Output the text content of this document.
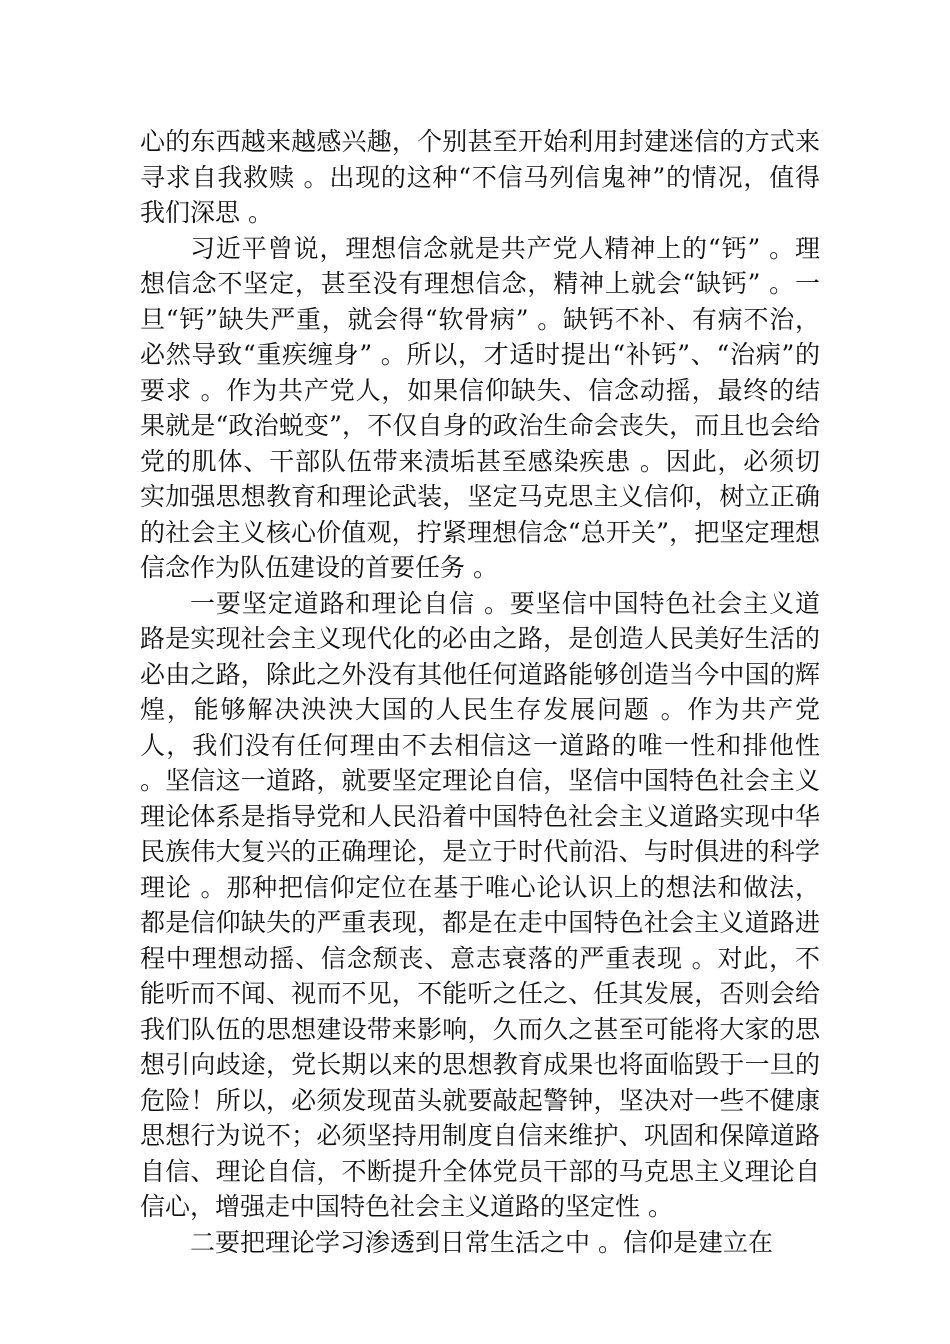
心的东西越来越感兴趣，个别甚至开始利用封建迷信的方式来寻求自我救赎 。出现的这种“不信马列信鬼神”的情况，值得我们深思 。

习近平曾说，理想信念就是共产党人精神上的“钙” 。理想信念不坚定，甚至没有理想信念，精神上就会“缺钙” 。一旦“钙”缺失严重，就会得“软骨病” 。缺钙不补、有病不治，必然导致“重疾缠身” 。所以，才适时提出“补钙”、“治病”的要求 。作为共产党人，如果信仰缺失、信念动摇，最终的结果就是“政治蜕变”，不仅自身的政治生命会丧失，而且也会给党的肌体、干部队伍带来渍垢甚至感染疾患 。因此，必须切实加强思想教育和理论武装，坚定马克思主义信仰，树立正确的社会主义核心价值观，拧紧理想信念“总开关”，把坚定理想信念作为队伍建设的首要任务 。

一要坚定道路和理论自信 。要坚信中国特色社会主义道路是实现社会主义现代化的必由之路，是创造人民美好生活的必由之路，除此之外没有其他任何道路能够创造当今中国的辉煌，能够解决泱泱大国的人民生存发展问题 。作为共产党人，我们没有任何理由不去相信这一道路的唯一性和排他性 。坚信这一道路，就要坚定理论自信，坚信中国特色社会主义理论体系是指导党和人民沿着中国特色社会主义道路实现中华民族伟大复兴的正确理论，是立于时代前沿、与时俱进的科学理论 。那种把信仰定位在基于唯心论认识上的想法和做法，都是信仰缺失的严重表现，都是在走中国特色社会主义道路进程中理想动摇、信念颓丧、意志衰落的严重表现 。对此，不能听而不闻、视而不见，不能听之任之、任其发展，否则会给我们队伍的思想建设带来影响，久而久之甚至可能将大家的思想引向歧途，党长期以来的思想教育成果也将面临毁于一旦的危险！所以，必须发现苗头就要敲起警钟，坚决对一些不健康思想行为说不；必须坚持用制度自信来维护、巩固和保障道路自信、理论自信，不断提升全体党员干部的马克思主义理论自信心，增强走中国特色社会主义道路的坚定性 。

二要把理论学习渗透到日常生活之中 。信仰是建立在
